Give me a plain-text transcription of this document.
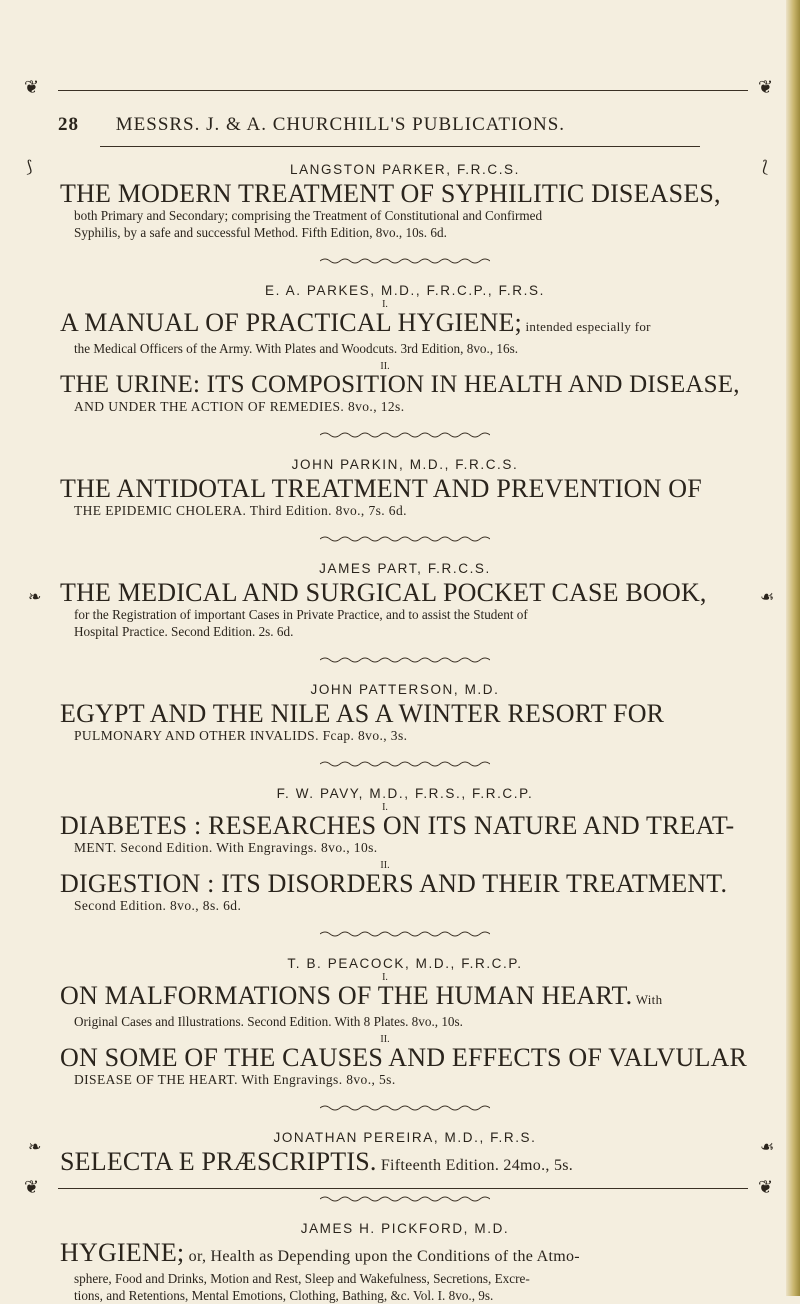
❦	❦
28 MESSRS. J. & A. CHURCHILL'S PUBLICATIONS.
⟆	⟅
❧	☙
❧	☙
LANGSTON PARKER, F.R.C.S.
THE MODERN TREATMENT OF SYPHILITIC DISEASES,
both Primary and Secondary; comprising the Treatment of Constitutional and Confirmed
Syphilis, by a safe and successful Method. Fifth Edition, 8vo., 10s. 6d.
E. A. PARKES, M.D., F.R.C.P., F.R.S.
I.
A MANUAL OF PRACTICAL HYGIENE; intended especially for
the Medical Officers of the Army. With Plates and Woodcuts. 3rd Edition, 8vo., 16s.
II.
THE URINE: ITS COMPOSITION IN HEALTH AND DISEASE,
AND UNDER THE ACTION OF REMEDIES. 8vo., 12s.
JOHN PARKIN, M.D., F.R.C.S.
THE ANTIDOTAL TREATMENT AND PREVENTION OF
THE EPIDEMIC CHOLERA. Third Edition. 8vo., 7s. 6d.
JAMES PART, F.R.C.S.
THE MEDICAL AND SURGICAL POCKET CASE BOOK,
for the Registration of important Cases in Private Practice, and to assist the Student of
Hospital Practice. Second Edition. 2s. 6d.
JOHN PATTERSON, M.D.
EGYPT AND THE NILE AS A WINTER RESORT FOR
PULMONARY AND OTHER INVALIDS. Fcap. 8vo., 3s.
F. W. PAVY, M.D., F.R.S., F.R.C.P.
I.
DIABETES : RESEARCHES ON ITS NATURE AND TREAT-
MENT. Second Edition. With Engravings. 8vo., 10s.
II.
DIGESTION : ITS DISORDERS AND THEIR TREATMENT.
Second Edition. 8vo., 8s. 6d.
T. B. PEACOCK, M.D., F.R.C.P.
I.
ON MALFORMATIONS OF THE HUMAN HEART. With
Original Cases and Illustrations. Second Edition. With 8 Plates. 8vo., 10s.
II.
ON SOME OF THE CAUSES AND EFFECTS OF VALVULAR
DISEASE OF THE HEART. With Engravings. 8vo., 5s.
JONATHAN PEREIRA, M.D., F.R.S.
SELECTA E PRÆSCRIPTIS. Fifteenth Edition. 24mo., 5s.
JAMES H. PICKFORD, M.D.
HYGIENE; or, Health as Depending upon the Conditions of the Atmo-
sphere, Food and Drinks, Motion and Rest, Sleep and Wakefulness, Secretions, Excre-
tions, and Retentions, Mental Emotions, Clothing, Bathing, &c. Vol. I. 8vo., 9s.
❦	❦
